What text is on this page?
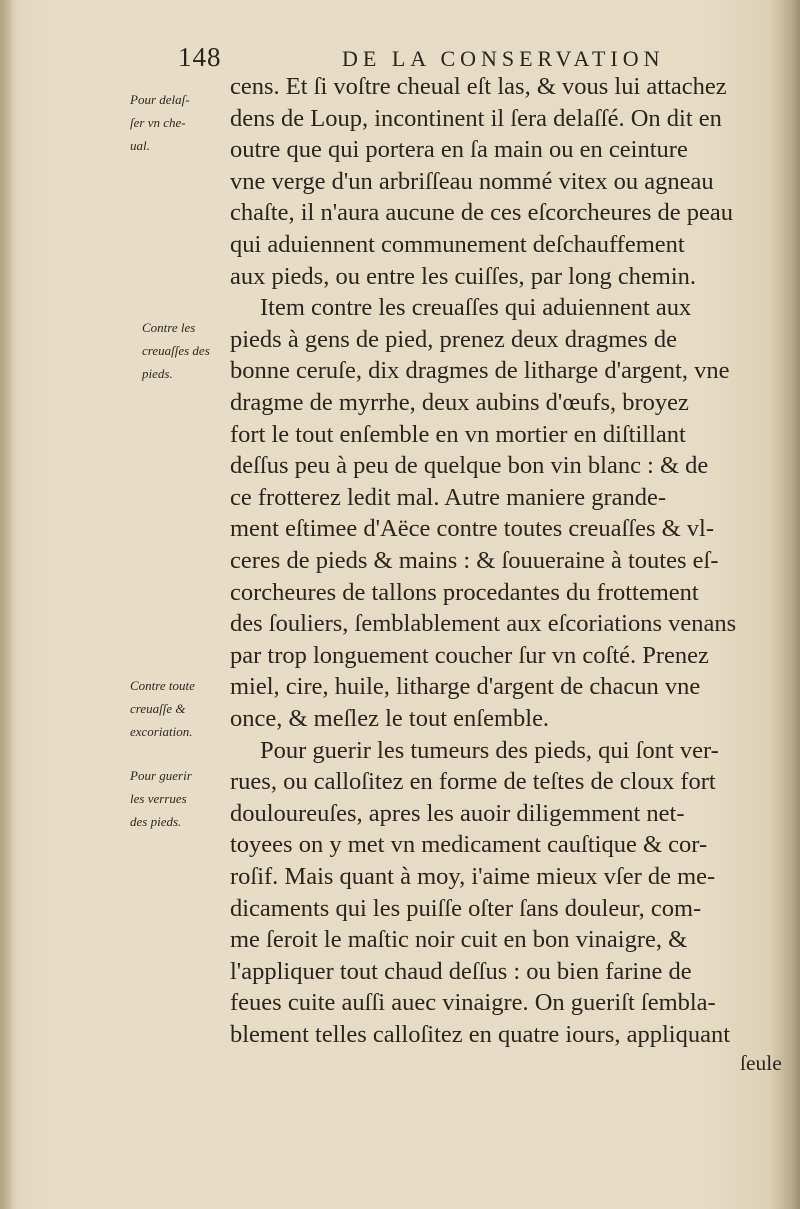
148	DE LA CONSERVATION
Pour delaſ-
ſer vn che-
ual.
Contre les
creuaſſes des
pieds.
Contre toute
creuaſſe &
excoriation.
Pour guerir
les verrues
des pieds.
cens. Et ſi voſtre cheual eſt las, & vous lui attachez
dens de Loup, incontinent il ſera delaſſé. On dit en
outre que qui portera en ſa main ou en ceinture
vne verge d'un arbriſſeau nommé vitex ou agneau
chaſte, il n'aura aucune de ces eſcorcheures de peau
qui aduiennent communement deſchauffement
aux pieds, ou entre les cuiſſes, par long chemin.
Item contre les creuaſſes qui aduiennent aux
pieds à gens de pied, prenez deux dragmes de
bonne ceruſe, dix dragmes de litharge d'argent, vne
dragme de myrrhe, deux aubins d'œufs, broyez
fort le tout enſemble en vn mortier en diſtillant
deſſus peu à peu de quelque bon vin blanc : & de
ce frotterez ledit mal. Autre maniere grande-
ment eſtimee d'Aëce contre toutes creuaſſes & vl-
ceres de pieds & mains : & ſouueraine à toutes eſ-
corcheures de tallons procedantes du frottement
des ſouliers, ſemblablement aux eſcoriations venans
par trop longuement coucher ſur vn coſté. Prenez
miel, cire, huile, litharge d'argent de chacun vne
once, & meſlez le tout enſemble.
Pour guerir les tumeurs des pieds, qui ſont ver-
rues, ou calloſitez en forme de teſtes de cloux fort
douloureuſes, apres les auoir diligemment net-
toyees on y met vn medicament cauſtique & cor-
roſif. Mais quant à moy, i'aime mieux vſer de me-
dicaments qui les puiſſe oſter ſans douleur, com-
me ſeroit le maſtic noir cuit en bon vinaigre, &
l'appliquer tout chaud deſſus : ou bien farine de
feues cuite auſſi auec vinaigre. On gueriſt ſembla-
blement telles calloſitez en quatre iours, appliquant
ſeule
